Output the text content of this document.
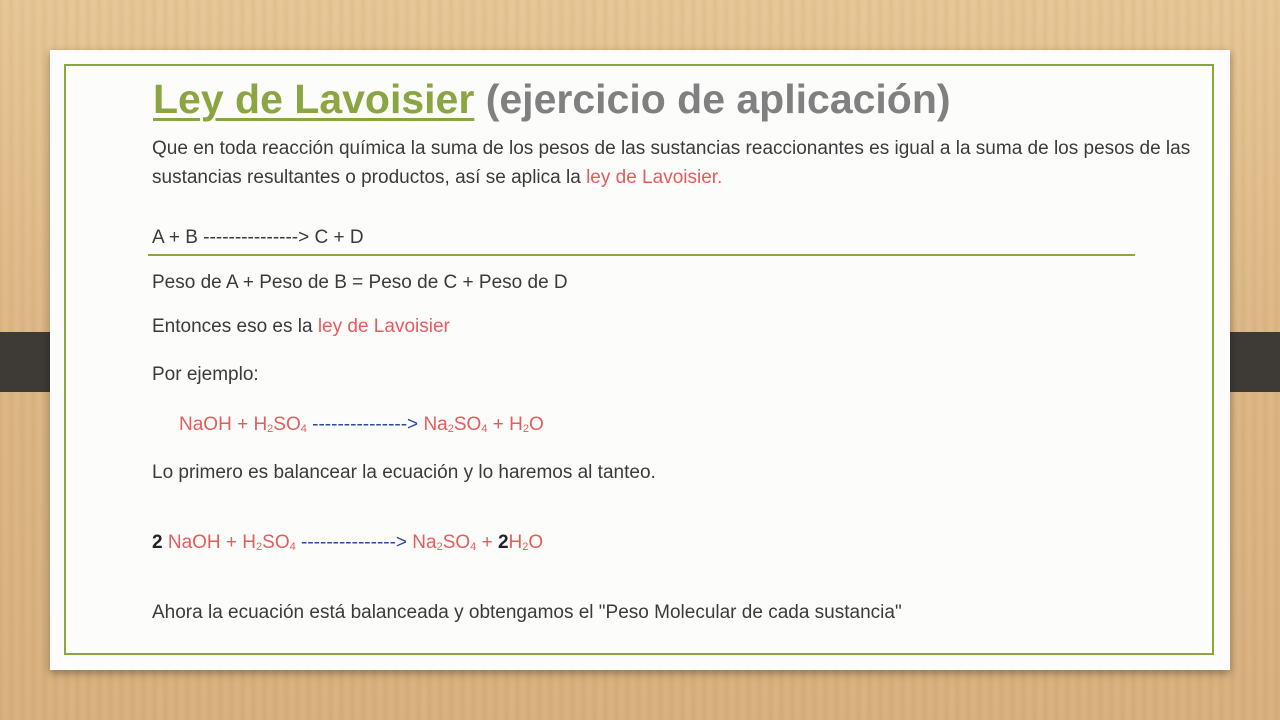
Ley de Lavoisier (ejercicio de aplicación)
Que en toda reacción química la suma de los pesos de las sustancias reaccionantes es igual a la suma de los pesos de las sustancias resultantes o productos, así se aplica la ley de Lavoisier.
A + B ---------------> C + D
Peso de A + Peso de B = Peso de C + Peso de D
Entonces eso es la ley de Lavoisier
Por ejemplo:
NaOH + $H_2SO_4$ ---------------> $Na_2SO_4 + H_2O$
Lo primero es balancear la ecuación y lo haremos al tanteo.
2 NaOH + $H_2SO_4$ ---------------> $Na_2SO_4 + 2H_2O$
Ahora la ecuación está balanceada y obtengamos el "Peso Molecular de cada sustancia"
